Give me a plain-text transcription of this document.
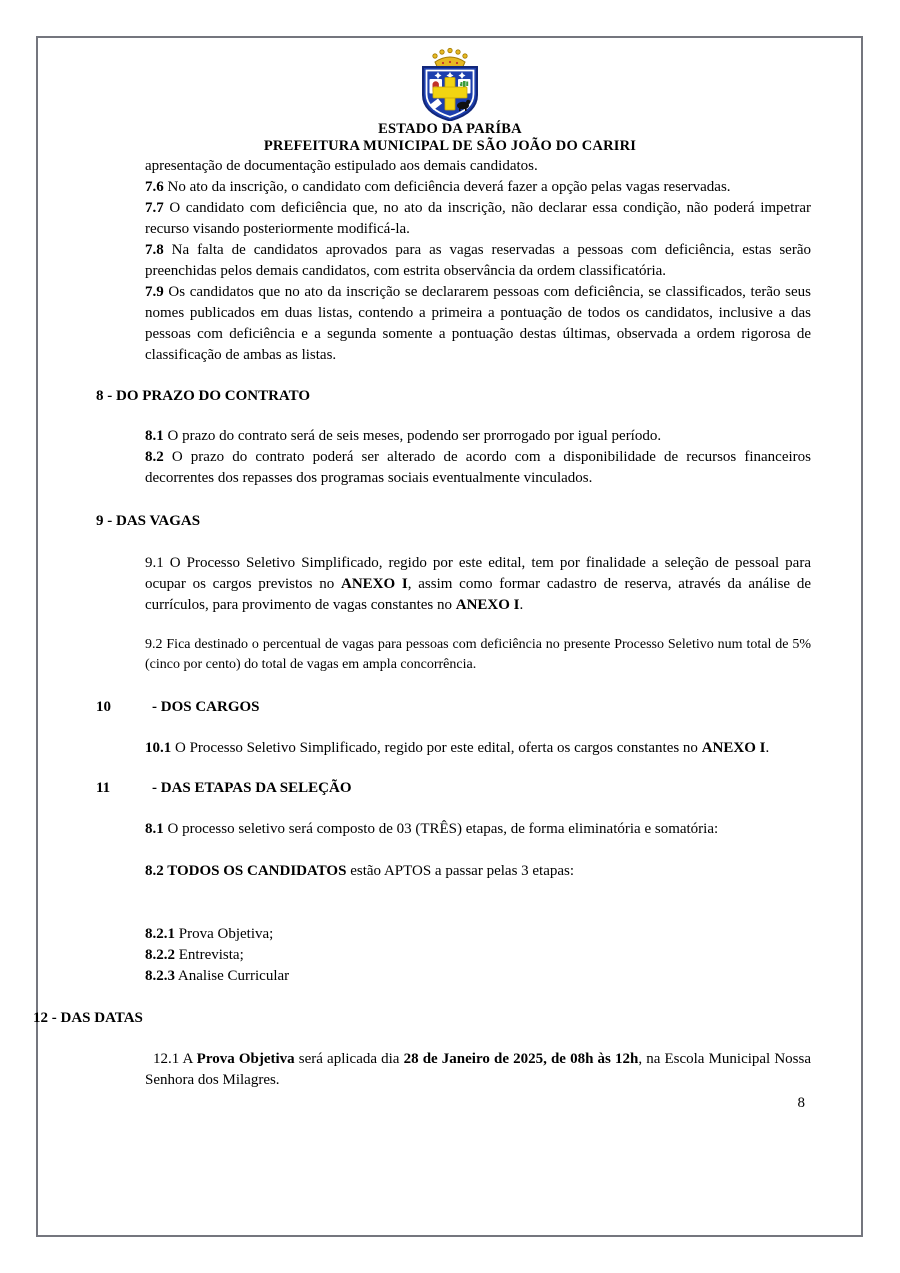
ESTADO DA PARÍBA
PREFEITURA MUNICIPAL DE SÃO JOÃO DO CARIRI

apresentação de documentação estipulado aos demais candidatos.

7.6 No ato da inscrição, o candidato com deficiência deverá fazer a opção pelas vagas reservadas.

7.7 O candidato com deficiência que, no ato da inscrição, não declarar essa condição, não poderá impetrar recurso visando posteriormente modificá-la.

7.8 Na falta de candidatos aprovados para as vagas reservadas a pessoas com deficiência, estas serão preenchidas pelos demais candidatos, com estrita observância da ordem classificatória.

7.9 Os candidatos que no ato da inscrição se declararem pessoas com deficiência, se classificados, terão seus nomes publicados em duas listas, contendo a primeira a pontuação de todos os candidatos, inclusive a das pessoas com deficiência e a segunda somente a pontuação destas últimas, observada a ordem rigorosa de classificação de ambas as listas.

8 - DO PRAZO DO CONTRATO

8.1 O prazo do contrato será de seis meses, podendo ser prorrogado por igual período.

8.2 O prazo do contrato poderá ser alterado de acordo com a disponibilidade de recursos financeiros decorrentes dos repasses dos programas sociais eventualmente vinculados.

9 - DAS VAGAS

9.1 O Processo Seletivo Simplificado, regido por este edital, tem por finalidade a seleção de pessoal para ocupar os cargos previstos no ANEXO I, assim como formar cadastro de reserva, através da análise de currículos, para provimento de vagas constantes no ANEXO I.

9.2 Fica destinado o percentual de vagas para pessoas com deficiência no presente Processo Seletivo num total de 5% (cinco por cento) do total de vagas em ampla concorrência.

10	- DOS CARGOS

10.1 O Processo Seletivo Simplificado, regido por este edital, oferta os cargos constantes no ANEXO I.

11	- DAS ETAPAS DA SELEÇÃO

8.1 O processo seletivo será composto de 03 (TRÊS) etapas, de forma eliminatória e somatória:

8.2 TODOS OS CANDIDATOS estão APTOS a passar pelas 3 etapas:

8.2.1 Prova Objetiva;

8.2.2 Entrevista;

8.2.3 Analise Curricular

12 - DAS DATAS

12.1 A Prova Objetiva será aplicada dia 28 de Janeiro de 2025, de 08h às 12h, na Escola Municipal Nossa Senhora dos Milagres.

8
